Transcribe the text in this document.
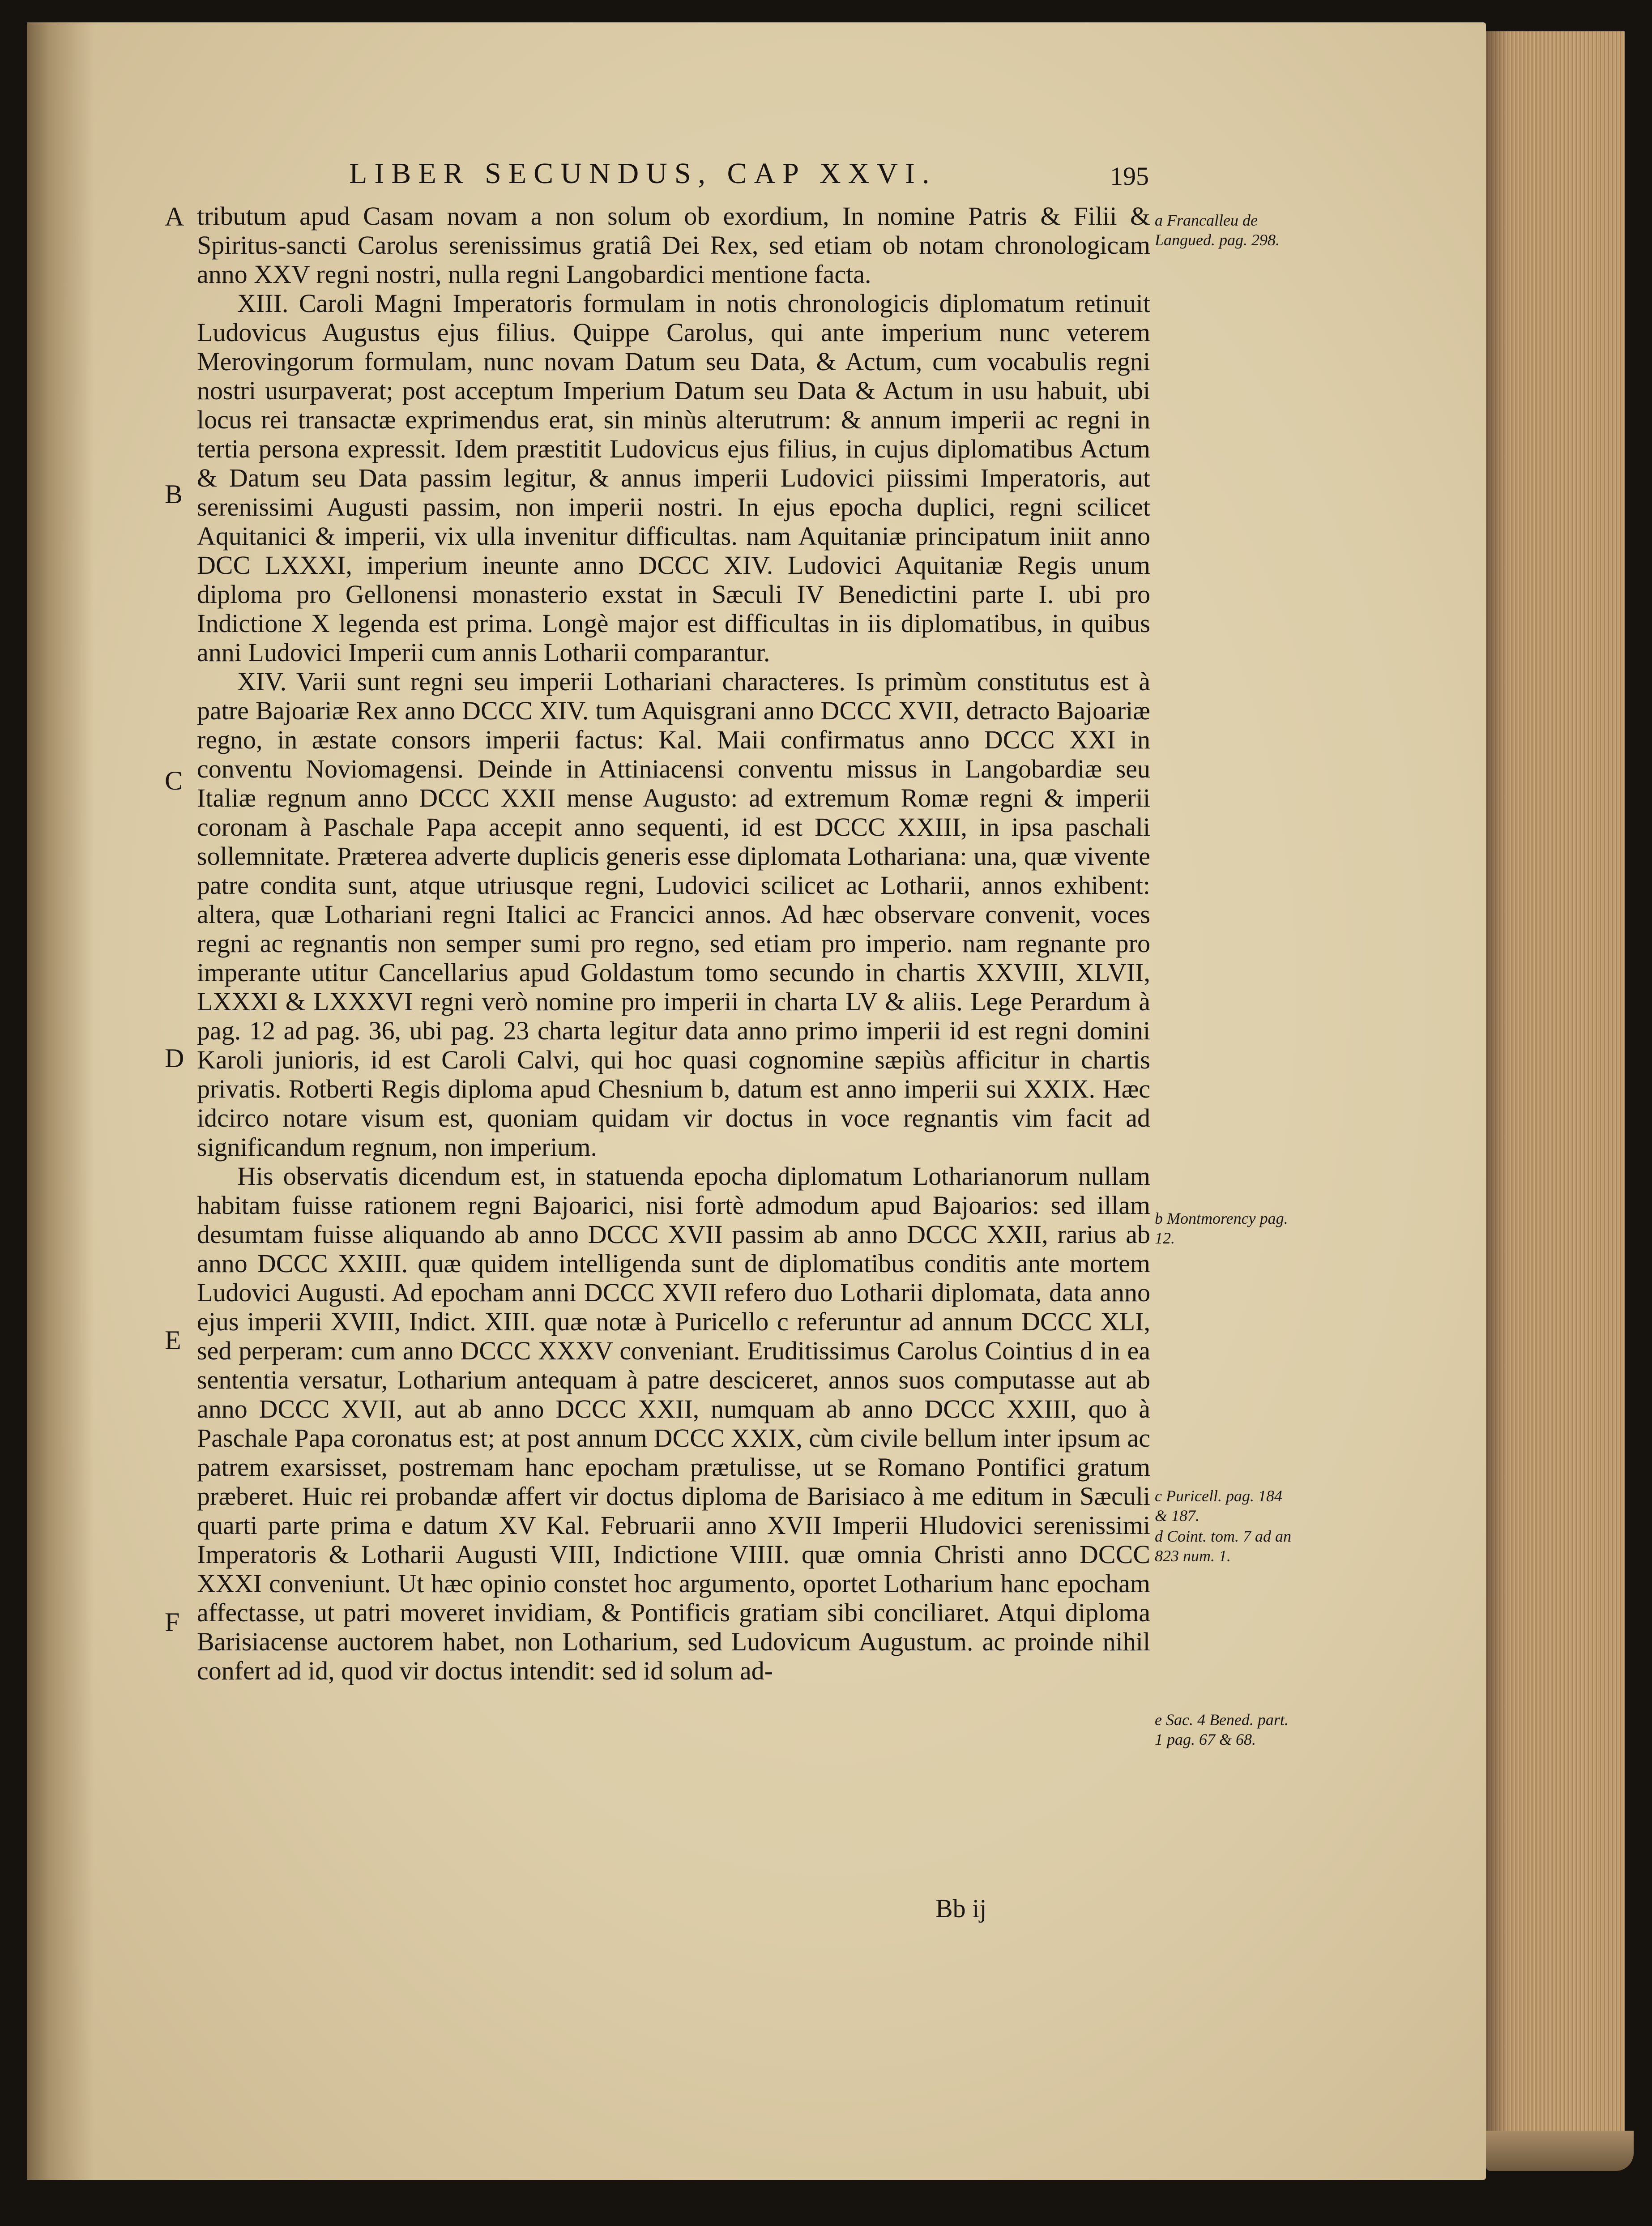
LIBER SECUNDUS, CAP XXVI.	195
A
B
C
D
E
F

tributum apud Casam novam a non solum ob exordium, In nomine Patris & Filii & Spiritus-sancti Carolus serenissimus gratiâ Dei Rex, sed etiam ob notam chronologicam anno XXV regni nostri, nulla regni Langobardici mentione facta.

XIII. Caroli Magni Imperatoris formulam in notis chronologicis diplomatum retinuit Ludovicus Augustus ejus filius. Quippe Carolus, qui ante imperium nunc veterem Merovingorum formulam, nunc novam Datum seu Data, & Actum, cum vocabulis regni nostri usurpaverat; post acceptum Imperium Datum seu Data & Actum in usu habuit, ubi locus rei transactæ exprimendus erat, sin minùs alterutrum: & annum imperii ac regni in tertia persona expressit. Idem præstitit Ludovicus ejus filius, in cujus diplomatibus Actum & Datum seu Data passim legitur, & annus imperii Ludovici piissimi Imperatoris, aut serenissimi Augusti passim, non imperii nostri. In ejus epocha duplici, regni scilicet Aquitanici & imperii, vix ulla invenitur difficultas. nam Aquitaniæ principatum iniit anno DCC LXXXI, imperium ineunte anno DCCC XIV. Ludovici Aquitaniæ Regis unum diploma pro Gellonensi monasterio exstat in Sæculi IV Benedictini parte I. ubi pro Indictione X legenda est prima. Longè major est difficultas in iis diplomatibus, in quibus anni Ludovici Imperii cum annis Lotharii comparantur.

XIV. Varii sunt regni seu imperii Lothariani characteres. Is primùm constitutus est à patre Bajoariæ Rex anno DCCC XIV. tum Aquisgrani anno DCCC XVII, detracto Bajoariæ regno, in æstate consors imperii factus: Kal. Maii confirmatus anno DCCC XXI in conventu Noviomagensi. Deinde in Attiniacensi conventu missus in Langobardiæ seu Italiæ regnum anno DCCC XXII mense Augusto: ad extremum Romæ regni & imperii coronam à Paschale Papa accepit anno sequenti, id est DCCC XXIII, in ipsa paschali sollemnitate. Præterea adverte duplicis generis esse diplomata Lothariana: una, quæ vivente patre condita sunt, atque utriusque regni, Ludovici scilicet ac Lotharii, annos exhibent: altera, quæ Lothariani regni Italici ac Francici annos. Ad hæc observare convenit, voces regni ac regnantis non semper sumi pro regno, sed etiam pro imperio. nam regnante pro imperante utitur Cancellarius apud Goldastum tomo secundo in chartis XXVIII, XLVII, LXXXI & LXXXVI regni verò nomine pro imperii in charta LV & aliis. Lege Perardum à pag. 12 ad pag. 36, ubi pag. 23 charta legitur data anno primo imperii id est regni domini Karoli junioris, id est Caroli Calvi, qui hoc quasi cognomine sæpiùs afficitur in chartis privatis. Rotberti Regis diploma apud Chesnium b, datum est anno imperii sui XXIX. Hæc idcirco notare visum est, quoniam quidam vir doctus in voce regnantis vim facit ad significandum regnum, non imperium.

His observatis dicendum est, in statuenda epocha diplomatum Lotharianorum nullam habitam fuisse rationem regni Bajoarici, nisi fortè admodum apud Bajoarios: sed illam desumtam fuisse aliquando ab anno DCCC XVII passim ab anno DCCC XXII, rarius ab anno DCCC XXIII. quæ quidem intelligenda sunt de diplomatibus conditis ante mortem Ludovici Augusti. Ad epocham anni DCCC XVII refero duo Lotharii diplomata, data anno ejus imperii XVIII, Indict. XIII. quæ notæ à Puricello c referuntur ad annum DCCC XLI, sed perperam: cum anno DCCC XXXV conveniant. Eruditissimus Carolus Cointius d in ea sententia versatur, Lotharium antequam à patre desciceret, annos suos computasse aut ab anno DCCC XVII, aut ab anno DCCC XXII, numquam ab anno DCCC XXIII, quo à Paschale Papa coronatus est; at post annum DCCC XXIX, cùm civile bellum inter ipsum ac patrem exarsisset, postremam hanc epocham prætulisse, ut se Romano Pontifici gratum præberet. Huic rei probandæ affert vir doctus diploma de Barisiaco à me editum in Sæculi quarti parte prima e datum XV Kal. Februarii anno XVII Imperii Hludovici serenissimi Imperatoris & Lotharii Augusti VIII, Indictione VIIII. quæ omnia Christi anno DCCC XXXI conveniunt. Ut hæc opinio constet hoc argumento, oportet Lotharium hanc epocham affectasse, ut patri moveret invidiam, & Pontificis gratiam sibi conciliaret. Atqui diploma Barisiacense auctorem habet, non Lotharium, sed Ludovicum Augustum. ac proinde nihil confert ad id, quod vir doctus intendit: sed id solum ad-

a Francalleu de Langued. pag. 298.
b Montmorency pag. 12.
c Puricell. pag. 184 & 187.
d Coint. tom. 7 ad an 823 num. 1.
e Sac. 4 Bened. part. 1 pag. 67 & 68.
Bb ij
